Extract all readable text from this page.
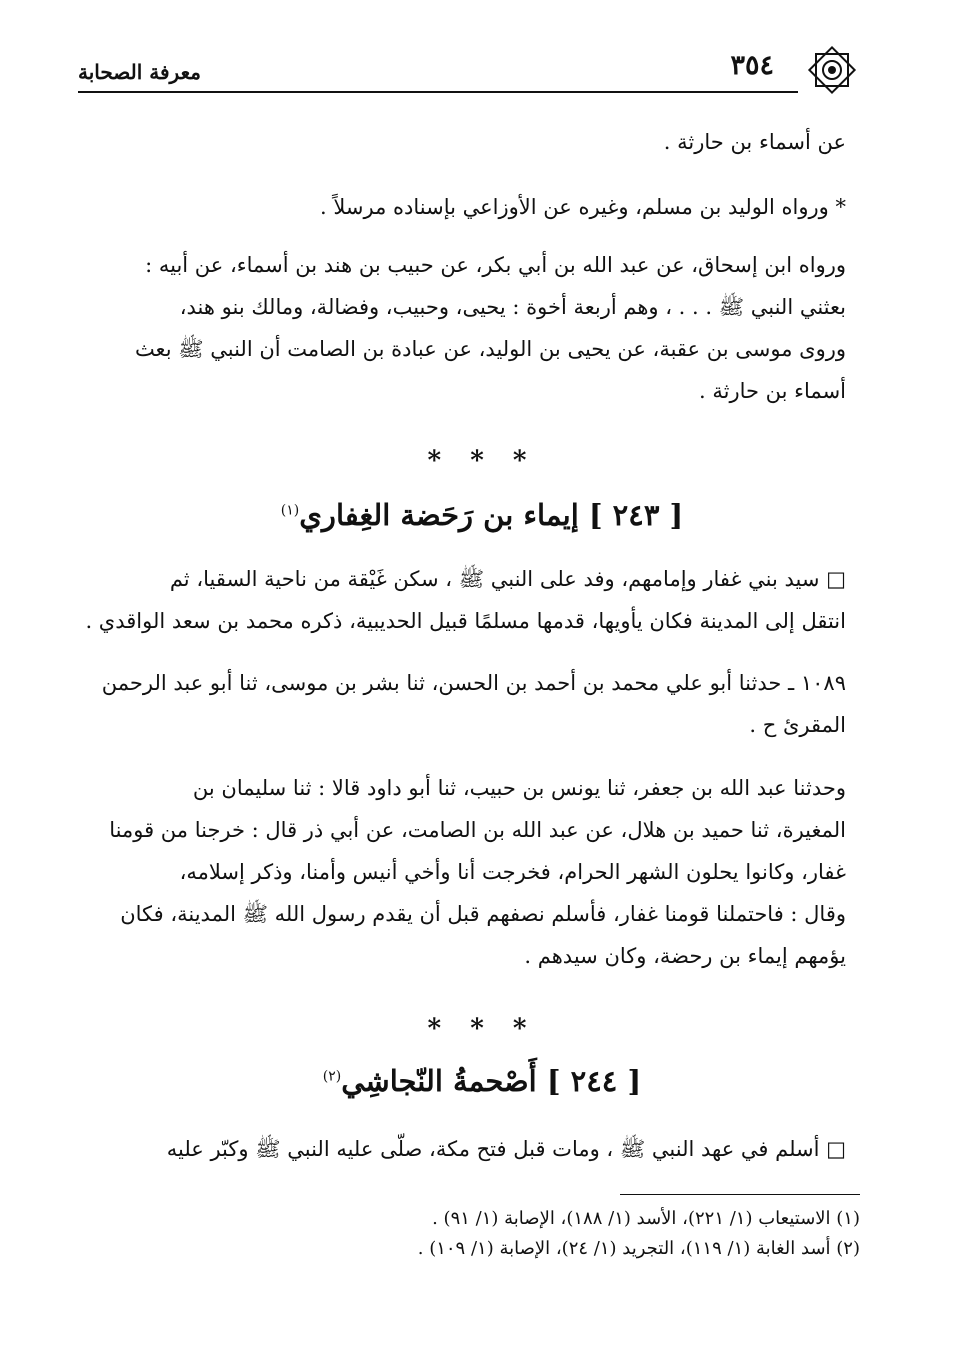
٣٥٤
معرفة الصحابة
عن أسماء بن حارثة .
* ورواه الوليد بن مسلم، وغيره عن الأوزاعي بإسناده مرسلاً .
ورواه ابن إسحاق، عن عبد الله بن أبي بكر، عن حبيب بن هند بن أسماء، عن أبيه :
بعثني النبي ﷺ . . . ، وهم أربعة أخوة : يحيى، وحبيب، وفضالة، ومالك بنو هند،
وروى موسى بن عقبة، عن يحيى بن الوليد، عن عبادة بن الصامت أن النبي ﷺ بعث
أسماء بن حارثة .
* * *
[ ٢٤٣ ] إيماء بن رَحَضة الغِفاري$^{(١)}$
□ سيد بني غفار وإمامهم، وفد على النبي ﷺ ، سكن غَيْقة من ناحية السقيا، ثم
انتقل إلى المدينة فكان يأويها، قدمها مسلمًا قبيل الحديبية، ذكره محمد بن سعد الواقدي .
١٠٨٩ ـ حدثنا أبو علي محمد بن أحمد بن الحسن، ثنا بشر بن موسى، ثنا أبو عبد الرحمن
المقرئ ح .
وحدثنا عبد الله بن جعفر، ثنا يونس بن حبيب، ثنا أبو داود قالا : ثنا سليمان بن
المغيرة، ثنا حميد بن هلال، عن عبد الله بن الصامت، عن أبي ذر قال : خرجنا من قومنا
غفار، وكانوا يحلون الشهر الحرام، فخرجت أنا وأخي أنيس وأمنا، وذكر إسلامه،
وقال : فاحتملنا قومنا غفار، فأسلم نصفهم قبل أن يقدم رسول الله ﷺ المدينة، فكان
يؤمهم إيماء بن رحضة، وكان سيدهم .
* * *
[ ٢٤٤ ] أَصْحمةُ النّجاشِي$^{(٢)}$
□ أسلم في عهد النبي ﷺ ، ومات قبل فتح مكة، صلّى عليه النبي ﷺ وكبّر عليه
(١) الاستيعاب (١/ ٢٢١)، الأسد (١/ ١٨٨)، الإصابة (١/ ٩١) .
(٢) أسد الغابة (١/ ١١٩)، التجريد (١/ ٢٤)، الإصابة (١/ ١٠٩) .
